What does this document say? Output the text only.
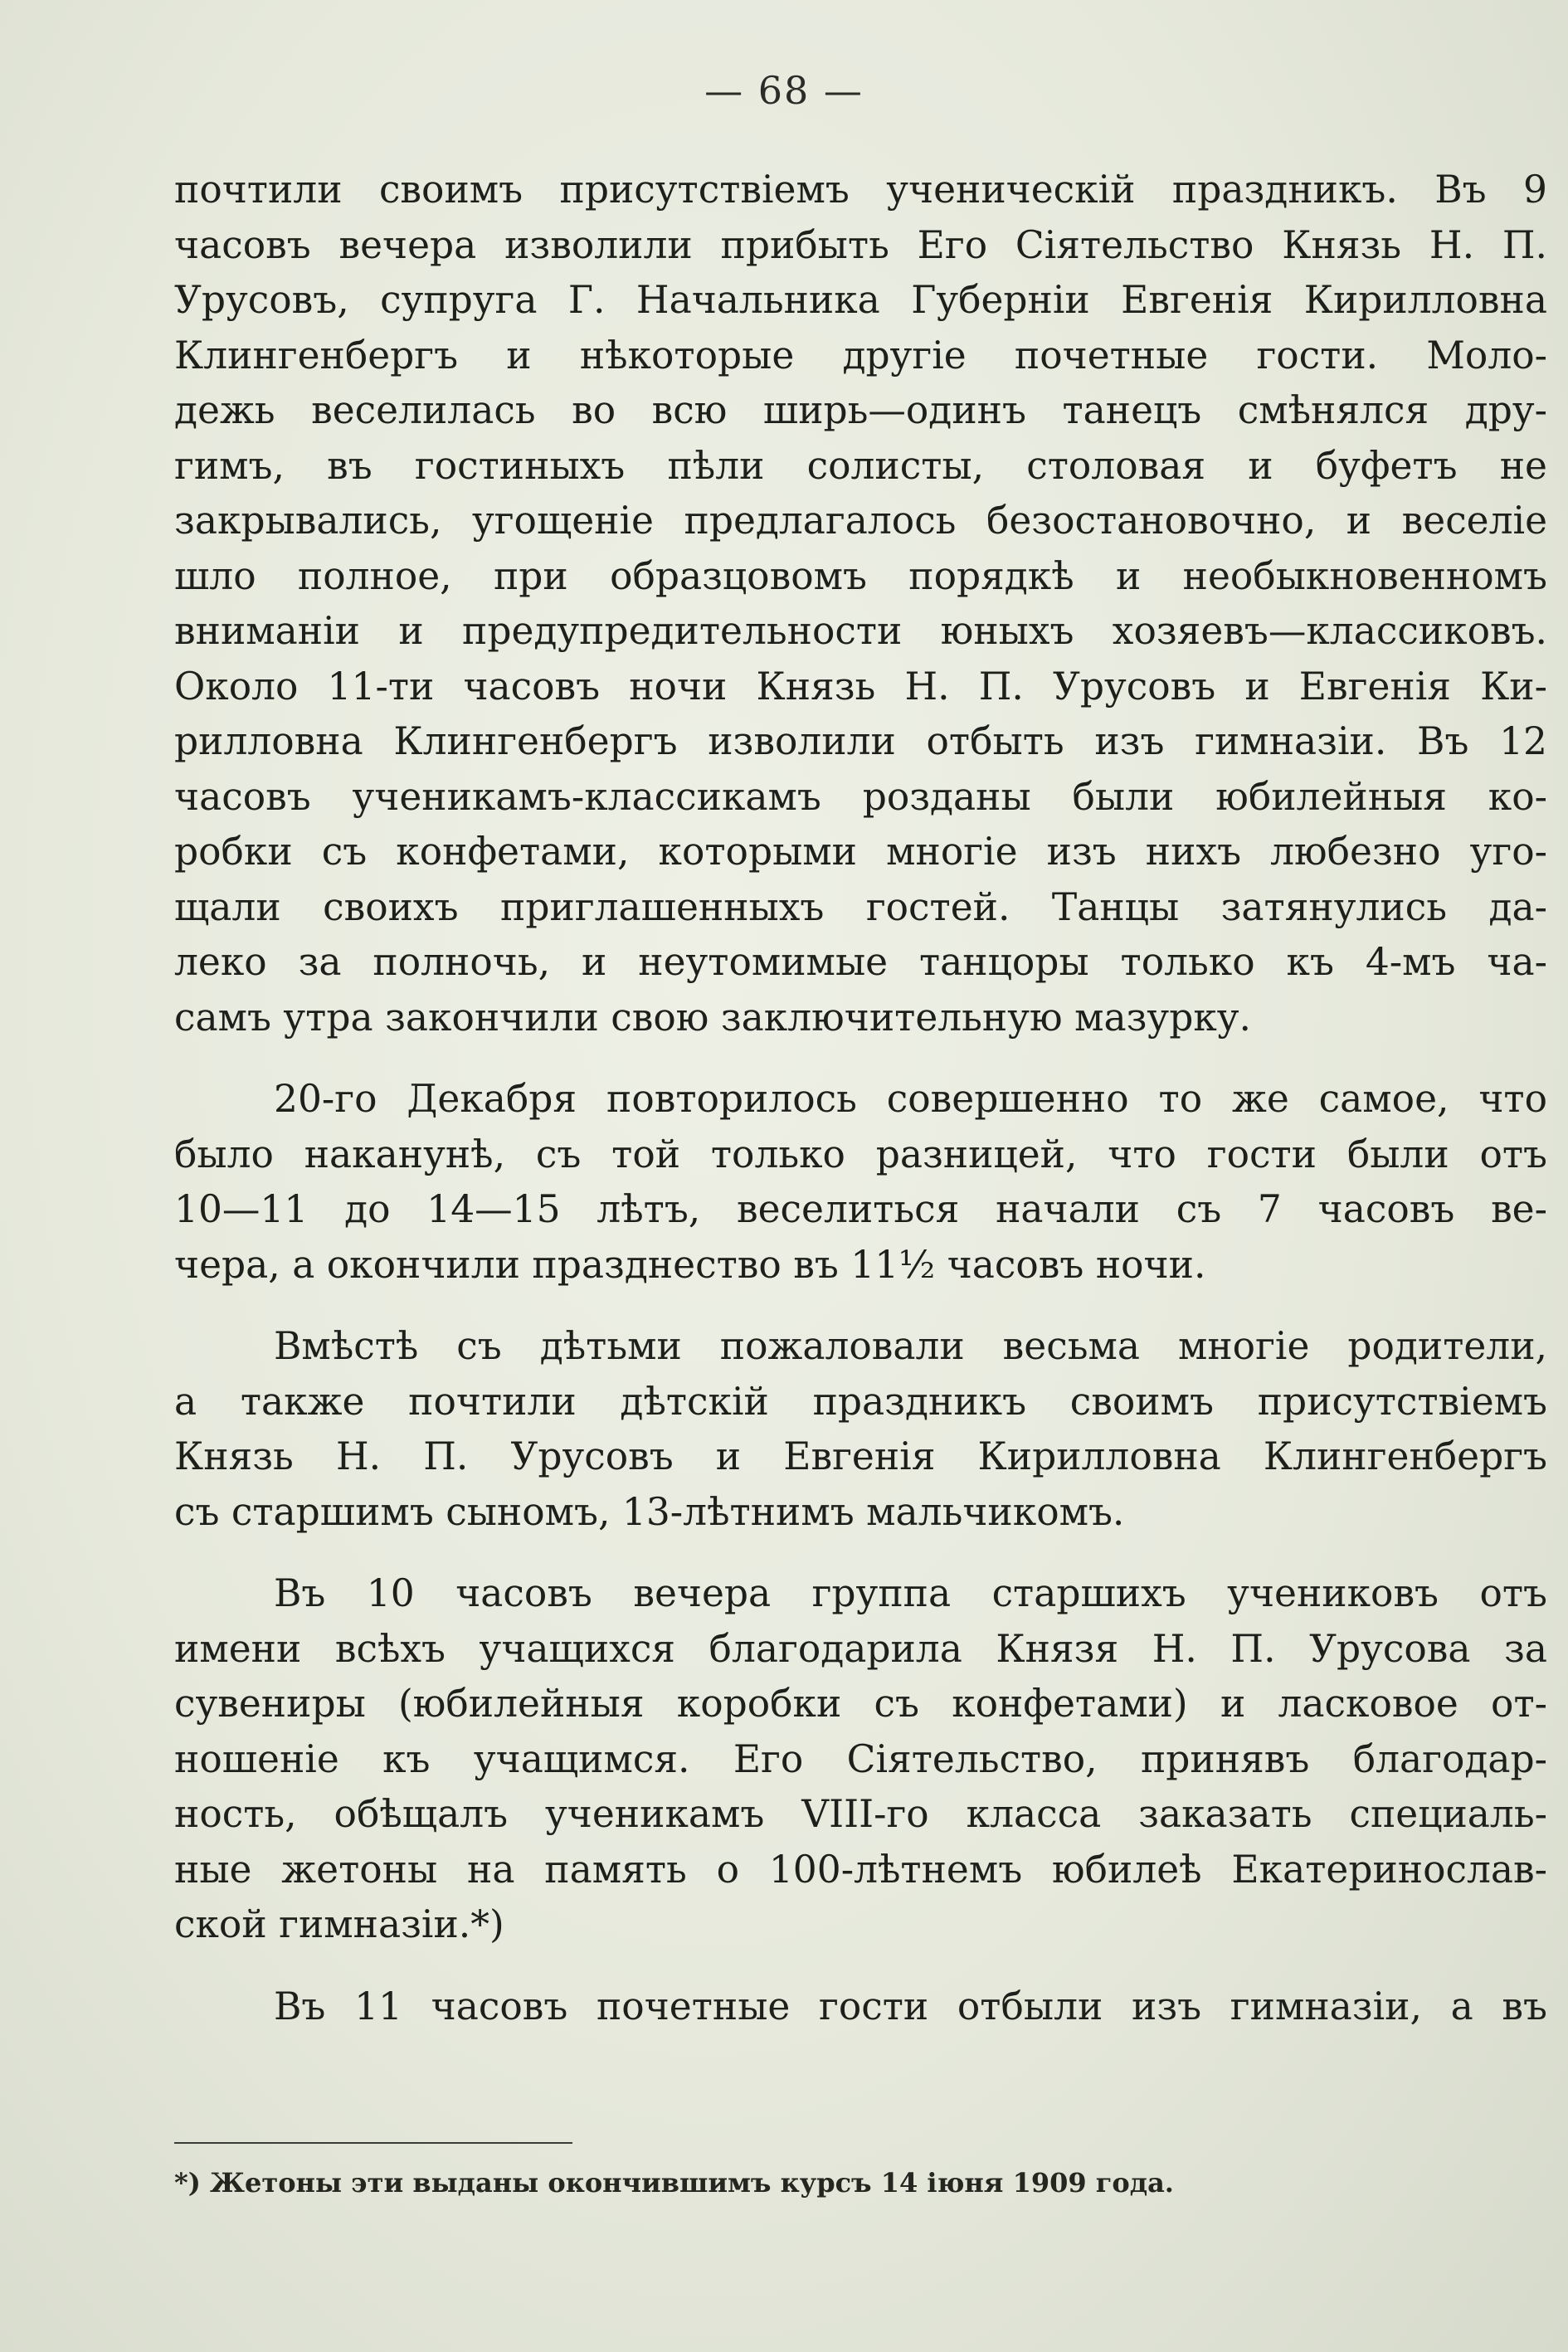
— 68 —

почтили своимъ присутствіемъ ученическій праздникъ. Въ 9
часовъ вечера изволили прибыть Его Сіятельство Князь Н. П.
Урусовъ, супруга Г. Начальника Губерніи Евгенія Кирилловна
Клингенбергъ и нѣкоторые другіе почетные гости. Моло-
дежь веселилась во всю ширь—одинъ танецъ смѣнялся дру-
гимъ, въ гостиныхъ пѣли солисты, столовая и буфетъ не
закрывались, угощеніе предлагалось безостановочно, и веселіе
шло полное, при образцовомъ порядкѣ и необыкновенномъ
вниманіи и предупредительности юныхъ хозяевъ—классиковъ.
Около 11-ти часовъ ночи Князь Н. П. Урусовъ и Евгенія Ки-
рилловна Клингенбергъ изволили отбыть изъ гимназіи. Въ 12
часовъ ученикамъ-классикамъ розданы были юбилейныя ко-
робки съ конфетами, которыми многіе изъ нихъ любезно уго-
щали своихъ приглашенныхъ гостей. Танцы затянулись да-
леко за полночь, и неутомимые танцоры только къ 4-мъ ча-
самъ утра закончили свою заключительную мазурку.

20-го Декабря повторилось совершенно то же самое, что
было наканунѣ, съ той только разницей, что гости были отъ
10—11 до 14—15 лѣтъ, веселиться начали съ 7 часовъ ве-
чера, а окончили празднество въ 11½ часовъ ночи.

Вмѣстѣ съ дѣтьми пожаловали весьма многіе родители,
а также почтили дѣтскій праздникъ своимъ присутствіемъ
Князь Н. П. Урусовъ и Евгенія Кирилловна Клингенбергъ
съ старшимъ сыномъ, 13-лѣтнимъ мальчикомъ.

Въ 10 часовъ вечера группа старшихъ учениковъ отъ
имени всѣхъ учащихся благодарила Князя Н. П. Урусова за
сувениры (юбилейныя коробки съ конфетами) и ласковое от-
ношеніе къ учащимся. Его Сіятельство, принявъ благодар-
ность, обѣщалъ ученикамъ VIII-го класса заказать специаль-
ные жетоны на память о 100-лѣтнемъ юбилеѣ Екатеринослав-
ской гимназіи.*)

Въ 11 часовъ почетные гости отбыли изъ гимназіи, а въ

*) Жетоны эти выданы окончившимъ курсъ 14 іюня 1909 года.
